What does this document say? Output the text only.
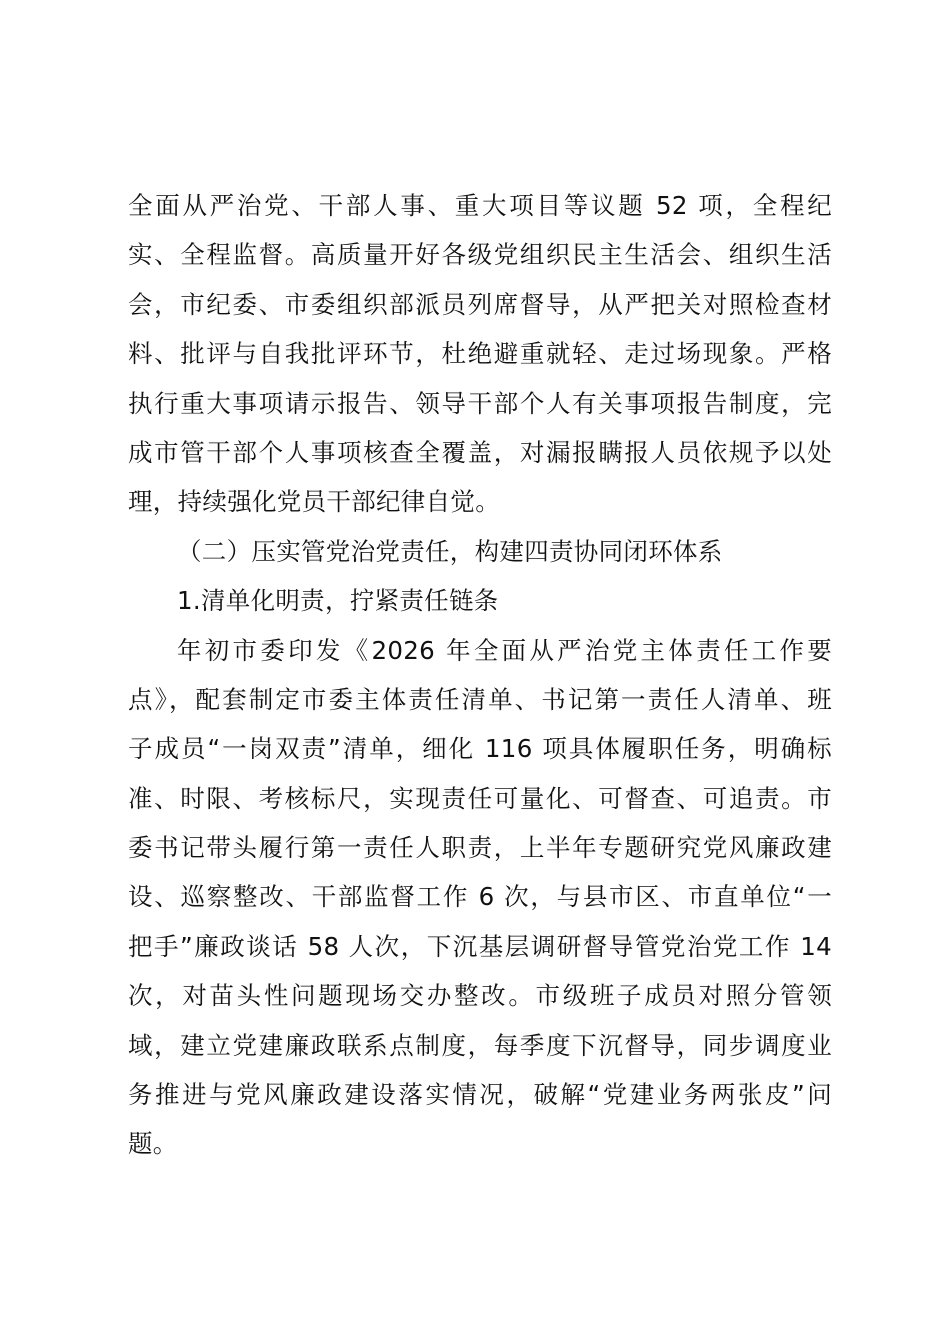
全面从严治党、干部人事、重大项目等议题 52 项，全程纪
实、全程监督。高质量开好各级党组织民主生活会、组织生活
会，市纪委、市委组织部派员列席督导，从严把关对照检查材
料、批评与自我批评环节，杜绝避重就轻、走过场现象。严格
执行重大事项请示报告、领导干部个人有关事项报告制度，完
成市管干部个人事项核查全覆盖，对漏报瞒报人员依规予以处
理，持续强化党员干部纪律自觉。
（二）压实管党治党责任，构建四责协同闭环体系
1.清单化明责，拧紧责任链条
年初市委印发《2026 年全面从严治党主体责任工作要
点》，配套制定市委主体责任清单、书记第一责任人清单、班
子成员“一岗双责”清单，细化 116 项具体履职任务，明确标
准、时限、考核标尺，实现责任可量化、可督查、可追责。市
委书记带头履行第一责任人职责，上半年专题研究党风廉政建
设、巡察整改、干部监督工作 6 次，与县市区、市直单位“一
把手”廉政谈话 58 人次，下沉基层调研督导管党治党工作 14
次，对苗头性问题现场交办整改。市级班子成员对照分管领
域，建立党建廉政联系点制度，每季度下沉督导，同步调度业
务推进与党风廉政建设落实情况，破解“党建业务两张皮”问
题。
